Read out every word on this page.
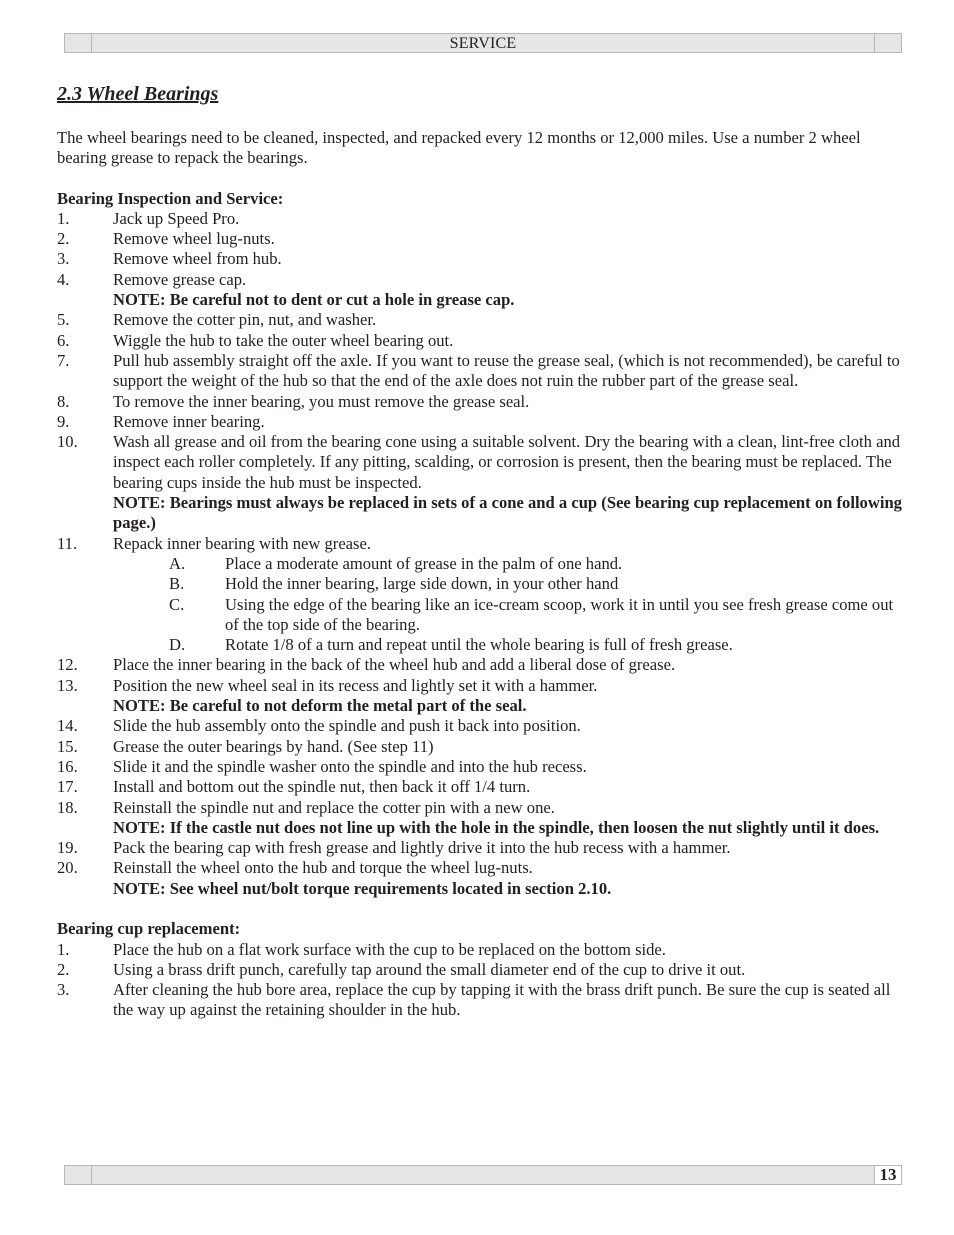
SERVICE
2.3 Wheel Bearings
The wheel bearings need to be cleaned, inspected, and repacked every 12 months or 12,000 miles. Use a number 2 wheel bearing grease to repack the bearings.
Bearing Inspection and Service:
1.	Jack up Speed Pro.
2.	Remove wheel lug-nuts.
3.	Remove wheel from hub.
4.	Remove grease cap.
NOTE: Be careful not to dent or cut a hole in grease cap.
5.	Remove the cotter pin, nut, and washer.
6.	Wiggle the hub to take the outer wheel bearing out.
7.	Pull hub assembly straight off the axle. If you want to reuse the grease seal, (which is not recommended), be careful to support the weight of the hub so that the end of the axle does not ruin the rubber part of the grease seal.
8.	To remove the inner bearing, you must remove the grease seal.
9.	Remove inner bearing.
10.	Wash all grease and oil from the bearing cone using a suitable solvent. Dry the bearing with a clean, lint-free cloth and inspect each roller completely. If any pitting, scalding, or corrosion is present, then the bearing must be replaced. The bearing cups inside the hub must be inspected.
NOTE: Bearings must always be replaced in sets of a cone and a cup (See bearing cup replacement on following page.)
11.	Repack inner bearing with new grease.
A.	Place a moderate amount of grease in the palm of one hand.
B.	Hold the inner bearing, large side down, in your other hand
C.	Using the edge of the bearing like an ice-cream scoop, work it in until you see fresh grease come out of the top side of the bearing.
D.	Rotate 1/8 of a turn and repeat until the whole bearing is full of fresh grease.
12.	Place the inner bearing in the back of the wheel hub and add a liberal dose of grease.
13.	Position the new wheel seal in its recess and lightly set it with a hammer.
NOTE: Be careful to not deform the metal part of the seal.
14.	Slide the hub assembly onto the spindle and push it back into position.
15.	Grease the outer bearings by hand. (See step 11)
16.	Slide it and the spindle washer onto the spindle and into the hub recess.
17.	Install and bottom out the spindle nut, then back it off 1/4 turn.
18.	Reinstall the spindle nut and replace the cotter pin with a new one.
NOTE: If the castle nut does not line up with the hole in the spindle, then loosen the nut slightly until it does.
19.	Pack the bearing cap with fresh grease and lightly drive it into the hub recess with a hammer.
20.	Reinstall the wheel onto the hub and torque the wheel lug-nuts.
NOTE: See wheel nut/bolt torque requirements located in section 2.10.
Bearing cup replacement:
1.	Place the hub on a flat work surface with the cup to be replaced on the bottom side.
2.	Using a brass drift punch, carefully tap around the small diameter end of the cup to drive it out.
3.	After cleaning the hub bore area, replace the cup by tapping it with the brass drift punch. Be sure the cup is seated all the way up against the retaining shoulder in the hub.
13
